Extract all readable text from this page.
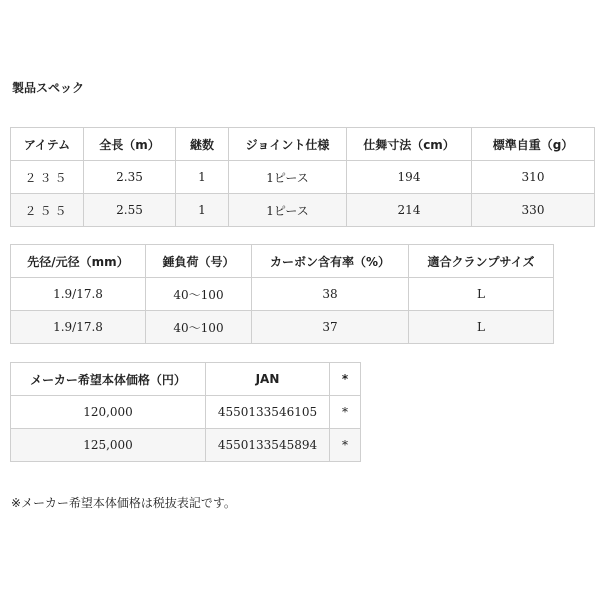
製品スペック
アイテム	全長（m）	継数	ジョイント仕様	仕舞寸法（cm）	標準自重（g）
２３５	2.35	1	1ピース	194	310
２５５	2.55	1	1ピース	214	330
先径/元径（mm）	錘負荷（号）	カーボン含有率（%）	適合クランプサイズ
1.9/17.8	40〜100	38	L
1.9/17.8	40〜100	37	L
メーカー希望本体価格（円）	JAN	*
120,000	4550133546105	*
125,000	4550133545894	*
※メーカー希望本体価格は税抜表記です。
